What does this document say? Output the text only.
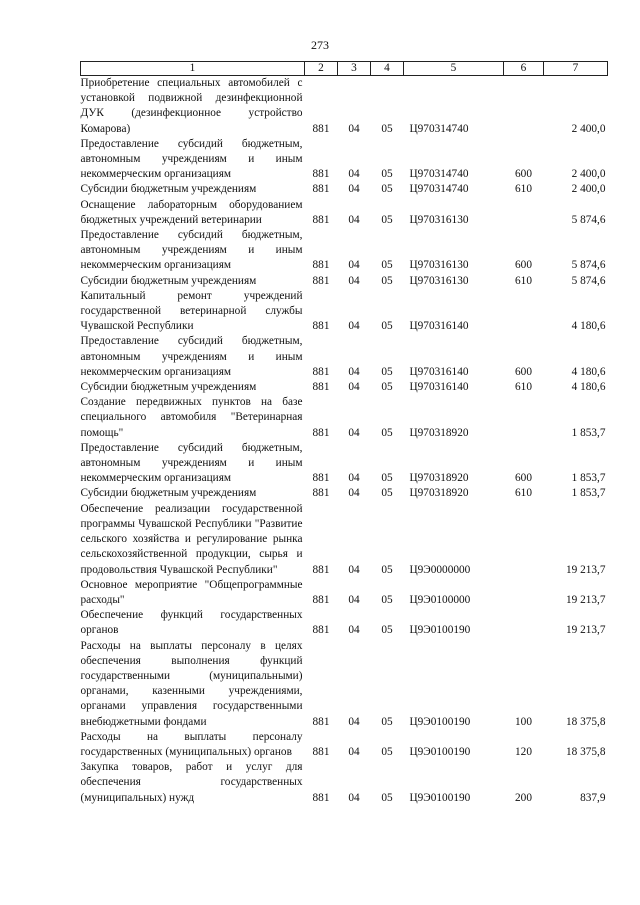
273
1	2	3	4	5	6	7
Приобретение специальных автомобилей с установкой подвижной дезинфекционной ДУК (дезинфекционное устройство Комарова)	881	04	05	Ц970314740		2 400,0
Предоставление субсидий бюджетным, автономным учреждениям и иным некоммерческим организациям	881	04	05	Ц970314740	600	2 400,0
Субсидии бюджетным учреждениям	881	04	05	Ц970314740	610	2 400,0
Оснащение лабораторным оборудованием бюджетных учреждений ветеринарии	881	04	05	Ц970316130		5 874,6
Предоставление субсидий бюджетным, автономным учреждениям и иным некоммерческим организациям	881	04	05	Ц970316130	600	5 874,6
Субсидии бюджетным учреждениям	881	04	05	Ц970316130	610	5 874,6
Капитальный ремонт учреждений государственной ветеринарной службы Чувашской Республики	881	04	05	Ц970316140		4 180,6
Предоставление субсидий бюджетным, автономным учреждениям и иным некоммерческим организациям	881	04	05	Ц970316140	600	4 180,6
Субсидии бюджетным учреждениям	881	04	05	Ц970316140	610	4 180,6
Создание передвижных пунктов на базе специального автомобиля "Ветеринарная помощь"	881	04	05	Ц970318920		1 853,7
Предоставление субсидий бюджетным, автономным учреждениям и иным некоммерческим организациям	881	04	05	Ц970318920	600	1 853,7
Субсидии бюджетным учреждениям	881	04	05	Ц970318920	610	1 853,7
Обеспечение реализации государственной программы Чувашской Республики "Развитие сельского хозяйства и регулирование рынка сельскохозяйственной продукции, сырья и продовольствия Чувашской Республики"	881	04	05	Ц9Э0000000		19 213,7
Основное мероприятие "Общепрограммные расходы"	881	04	05	Ц9Э0100000		19 213,7
Обеспечение функций государственных органов	881	04	05	Ц9Э0100190		19 213,7
Расходы на выплаты персоналу в целях обеспечения выполнения функций государственными (муниципальными) органами, казенными учреждениями, органами управления государственными внебюджетными фондами	881	04	05	Ц9Э0100190	100	18 375,8
Расходы на выплаты персоналу государственных (муниципальных) органов	881	04	05	Ц9Э0100190	120	18 375,8
Закупка товаров, работ и услуг для обеспечения государственных (муниципальных) нужд	881	04	05	Ц9Э0100190	200	837,9
